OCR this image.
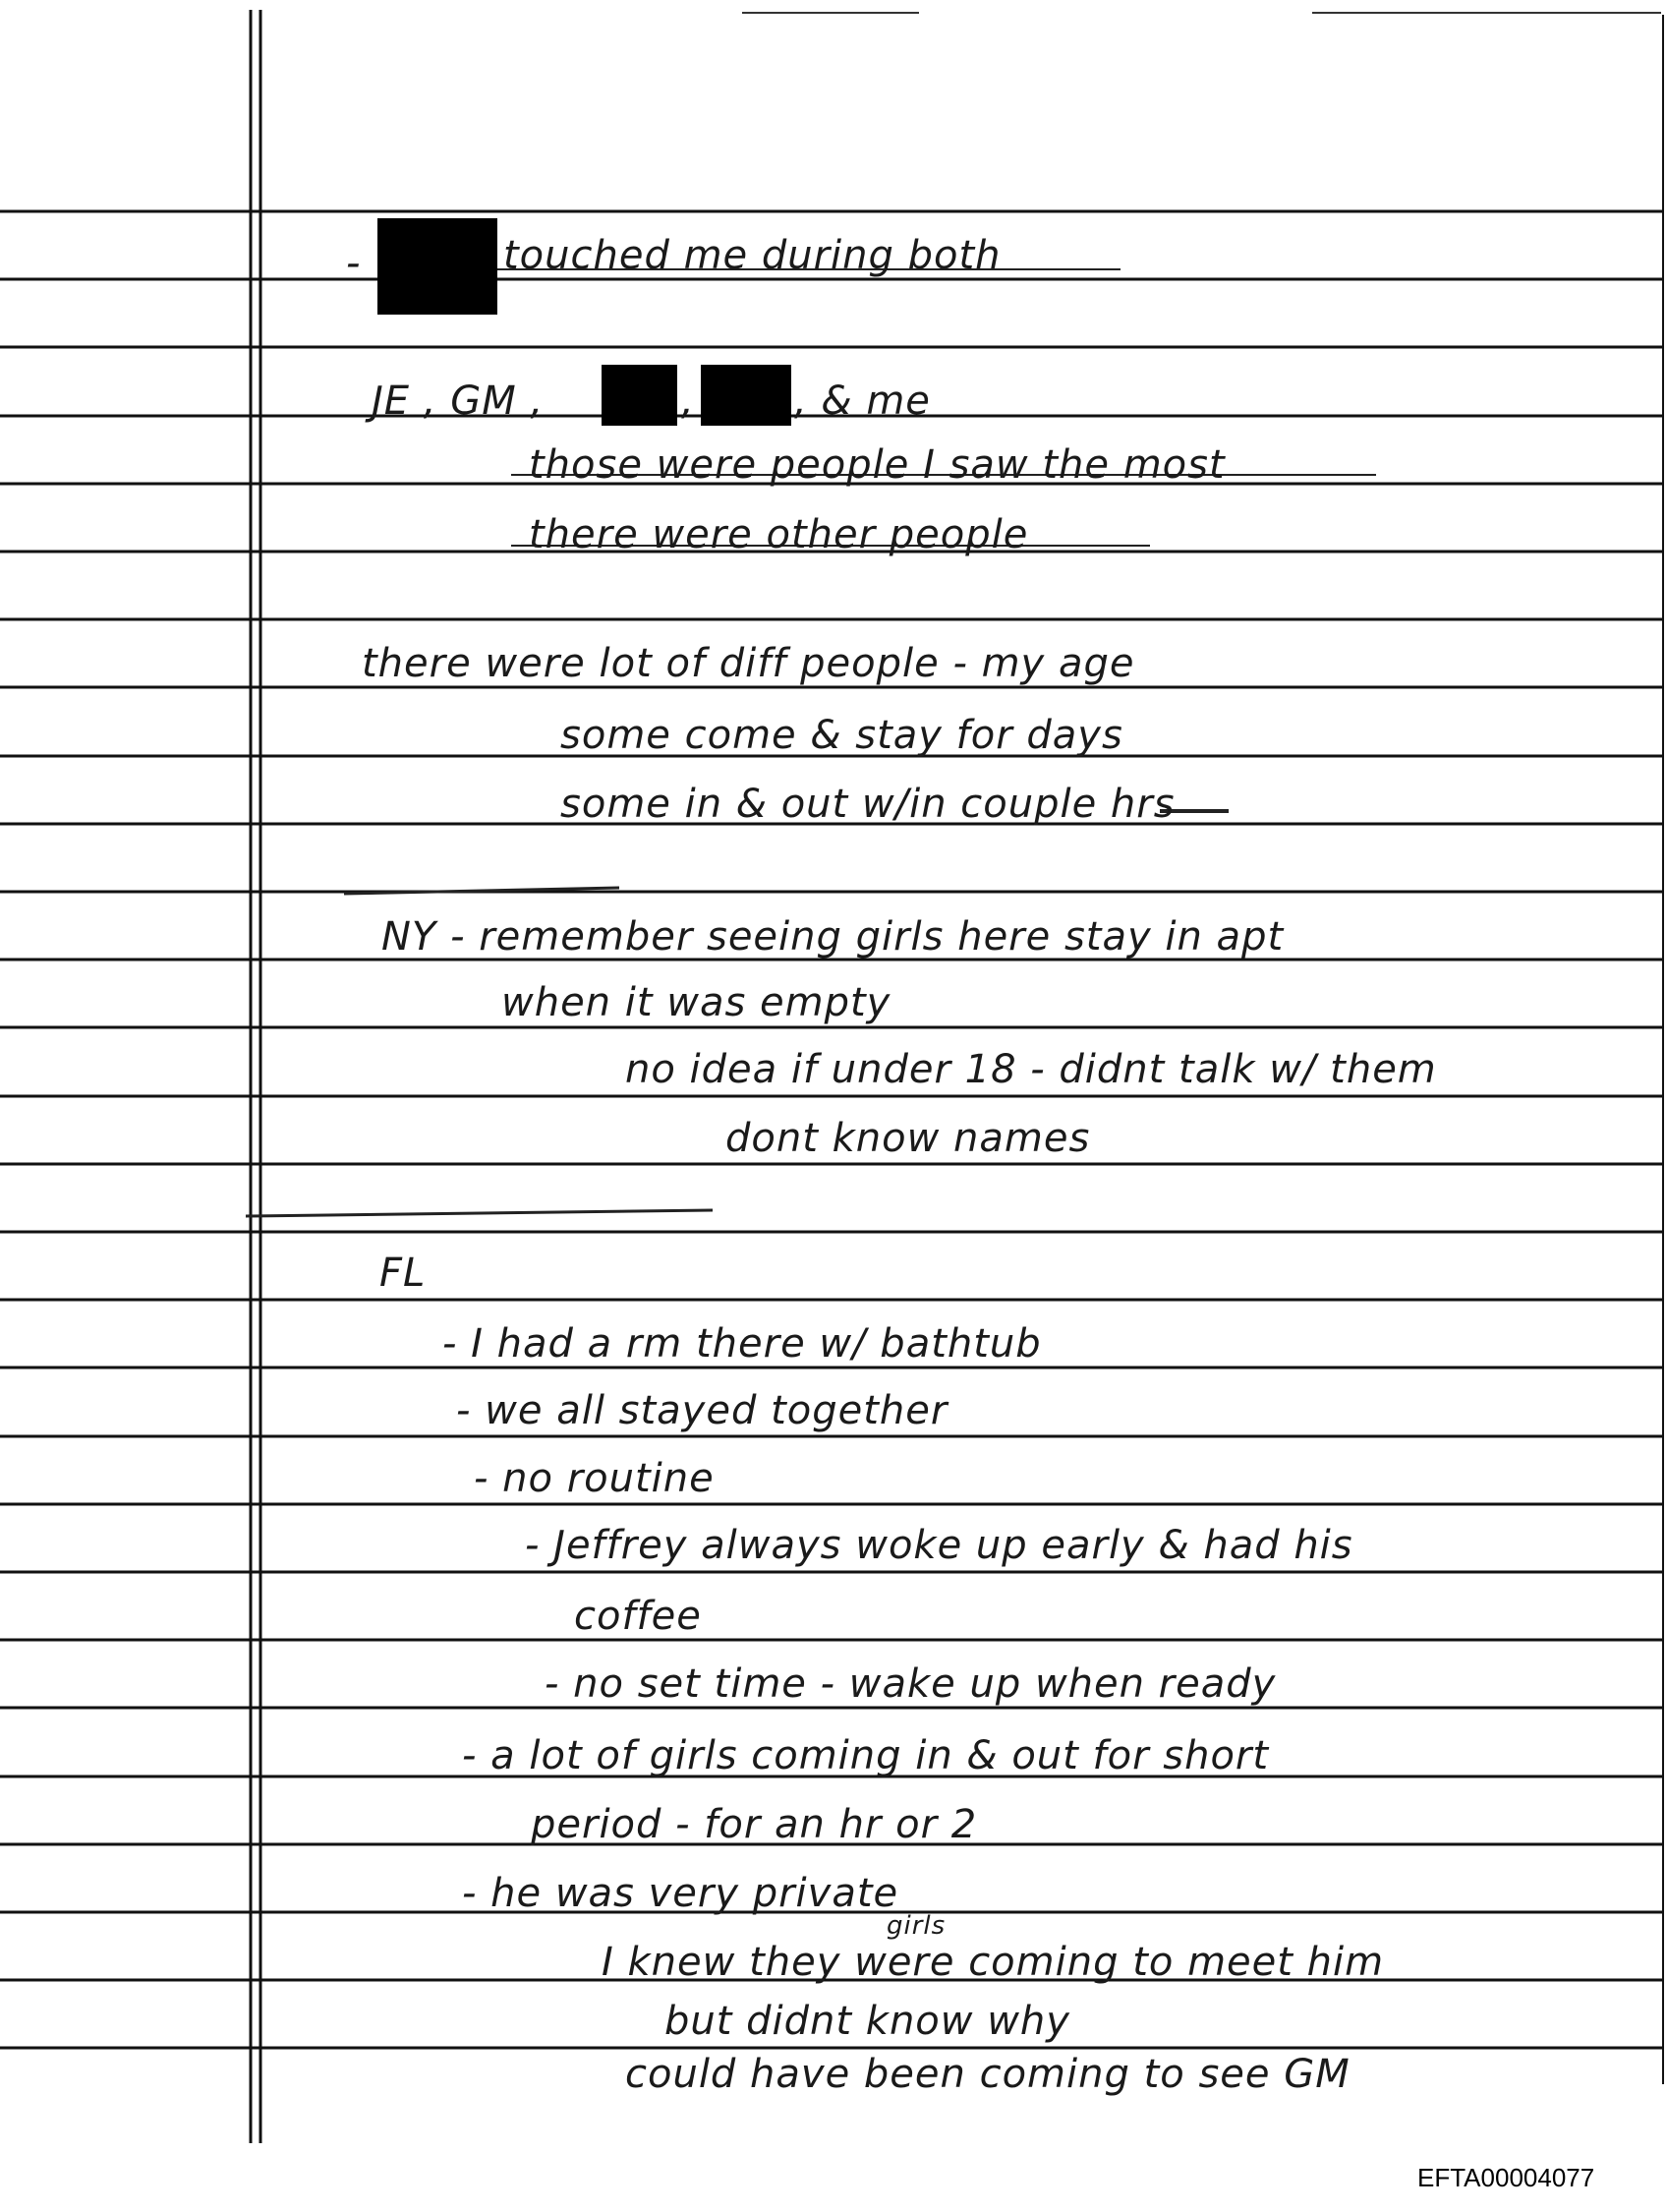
-	touched me during both
JE , GM ,	,	, & me
those were people I saw the most
there were other people
there were lot of diff people - my age
some come & stay for days
some in & out w/in couple hrs
NY - remember seeing girls here stay in apt
when it was empty
no idea if under 18 - didnt talk w/ them
dont know names
FL
- I had a rm there w/ bathtub
- we all stayed together
- no routine
- Jeffrey always woke up early & had his
coffee
- no set time - wake up when ready
- a lot of girls coming in & out for short
period - for an hr or 2
- he was very private
I knew they were coming to meet him
girls
but didnt know why
could have been coming to see GM
EFTA00004077
